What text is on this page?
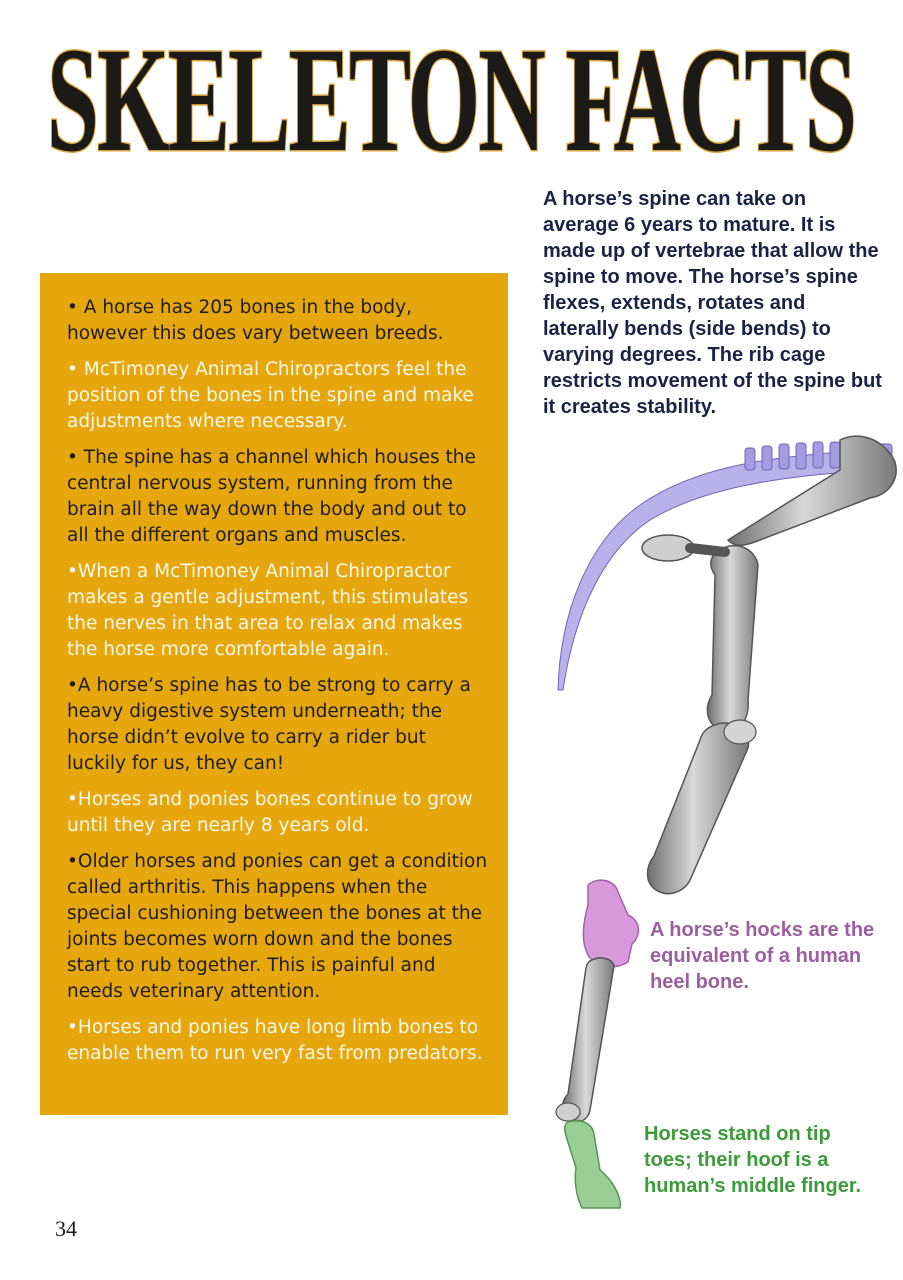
SKELETON FACTS

A horse’s spine can take on average 6 years to mature. It is made up of vertebrae that allow the spine to move. The horse’s spine flexes, extends, rotates and laterally bends (side bends) to varying degrees. The rib cage restricts movement of the spine but it creates stability.

• A horse has 205 bones in the body, however this does vary between breeds.

• McTimoney Animal Chiropractors feel the position of the bones in the spine and make adjustments where necessary.

• The spine has a channel which houses the central nervous system, running from the brain all the way down the body and out to all the different organs and muscles.

•When a McTimoney Animal Chiropractor makes a gentle adjustment, this stimulates the nerves in that area to relax and makes the horse more comfortable again.

•A horse’s spine has to be strong to carry a heavy digestive system underneath; the horse didn’t evolve to carry a rider but luckily for us, they can!

•Horses and ponies bones continue to grow until they are nearly 8 years old.

•Older horses and ponies can get a condition called arthritis. This happens when the special cushioning between the bones at the joints becomes worn down and the bones start to rub together. This is painful and needs veterinary attention.

•Horses and ponies have long limb bones to enable them to run very fast from predators.

A horse’s hocks are the equivalent of a human heel bone.

Horses stand on tip toes; their hoof is a human’s middle finger.

34
